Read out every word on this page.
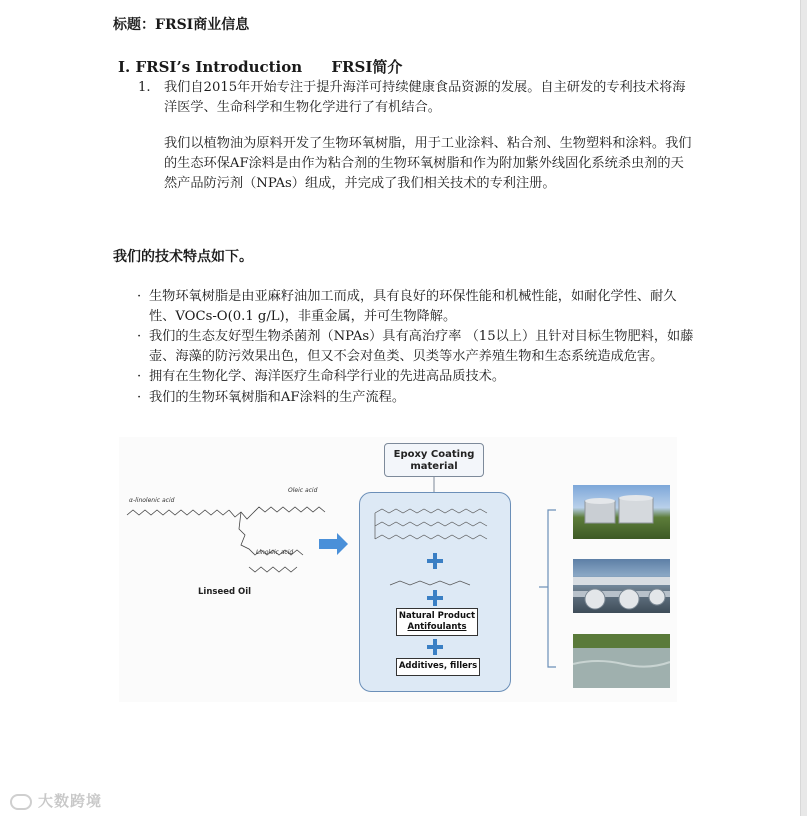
标题：FRSI商业信息
Ⅰ. FRSI’s Introduction FRSI简介
1. 我们自2015年开始专注于提升海洋可持续健康食品资源的发展。自主研发的专利技术将海洋医学、生命科学和生物化学进行了有机结合。
我们以植物油为原料开发了生物环氧树脂，用于工业涂料、粘合剂、生物塑料和涂料。我们的生态环保AF涂料是由作为粘合剂的生物环氧树脂和作为附加紫外线固化系统杀虫剂的天然产品防污剂（NPAs）组成，并完成了我们相关技术的专利注册。
我们的技术特点如下。
· 生物环氧树脂是由亚麻籽油加工而成，具有良好的环保性能和机械性能，如耐化学性、耐久性、VOCs-O(0.1 g/L)，非重金属，并可生物降解。
· 我们的生态友好型生物杀菌剂（NPAs）具有高治疗率 （15以上）且针对目标生物肥料，如藤壶、海藻的防污效果出色，但又不会对鱼类、贝类等水产养殖生物和生态系统造成危害。
· 拥有在生物化学、海洋医疗生命科学行业的先进高品质技术。
· 我们的生物环氧树脂和AF涂料的生产流程。
α-linolenic acid
Oleic acid
Linoleic acid
Linseed Oil
Epoxy Coating material
Natural Product
Antifoulants
Additives, fillers
大数跨境
